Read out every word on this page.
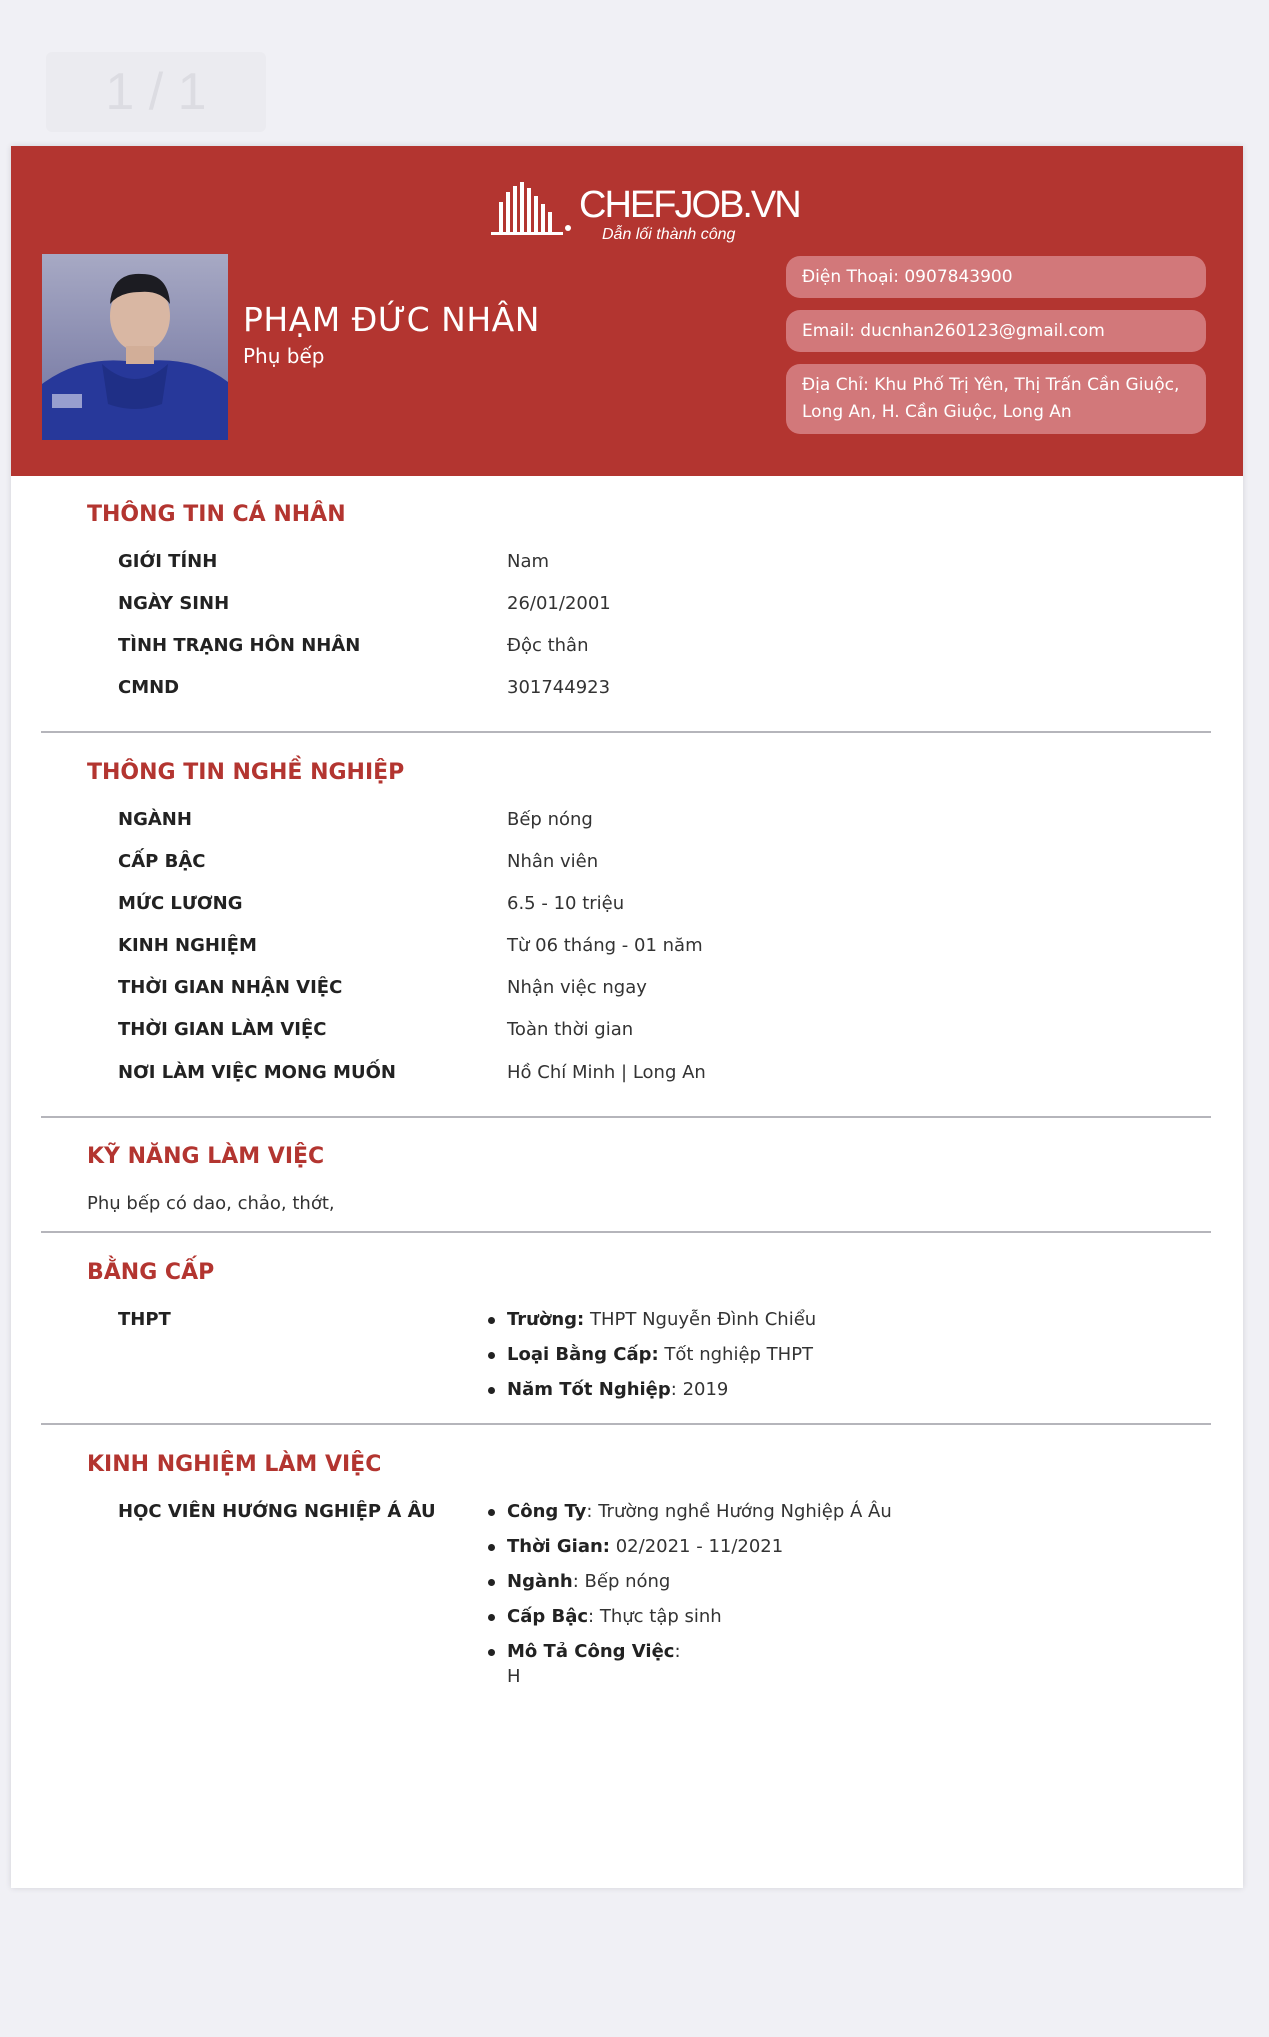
1 / 1
CHEFJOB.VN
Dẫn lối thành công
PHẠM ĐỨC NHÂN
Phụ bếp
Điện Thoại: 0907843900
Email: ducnhan260123@gmail.com
Địa Chỉ: Khu Phố Trị Yên, Thị Trấn Cần Giuộc, Long An, H. Cần Giuộc, Long An
THÔNG TIN CÁ NHÂN
GIỚI TÍNH	Nam
NGÀY SINH	26/01/2001
TÌNH TRẠNG HÔN NHÂN	Độc thân
CMND	301744923
THÔNG TIN NGHỀ NGHIỆP
NGÀNH	Bếp nóng
CẤP BẬC	Nhân viên
MỨC LƯƠNG	6.5 - 10 triệu
KINH NGHIỆM	Từ 06 tháng - 01 năm
THỜI GIAN NHẬN VIỆC	Nhận việc ngay
THỜI GIAN LÀM VIỆC	Toàn thời gian
NƠI LÀM VIỆC MONG MUỐN	Hồ Chí Minh | Long An
KỸ NĂNG LÀM VIỆC
Phụ bếp có dao, chảo, thớt,
BẰNG CẤP
THPT	Trường: THPT Nguyễn Đình Chiểu
Loại Bằng Cấp: Tốt nghiệp THPT
Năm Tốt Nghiệp: 2019
KINH NGHIỆM LÀM VIỆC
HỌC VIÊN HƯỚNG NGHIỆP Á ÂU	Công Ty: Trường nghề Hướng Nghiệp Á Âu
Thời Gian: 02/2021 - 11/2021
Ngành: Bếp nóng
Cấp Bậc: Thực tập sinh
Mô Tả Công Việc:
H
